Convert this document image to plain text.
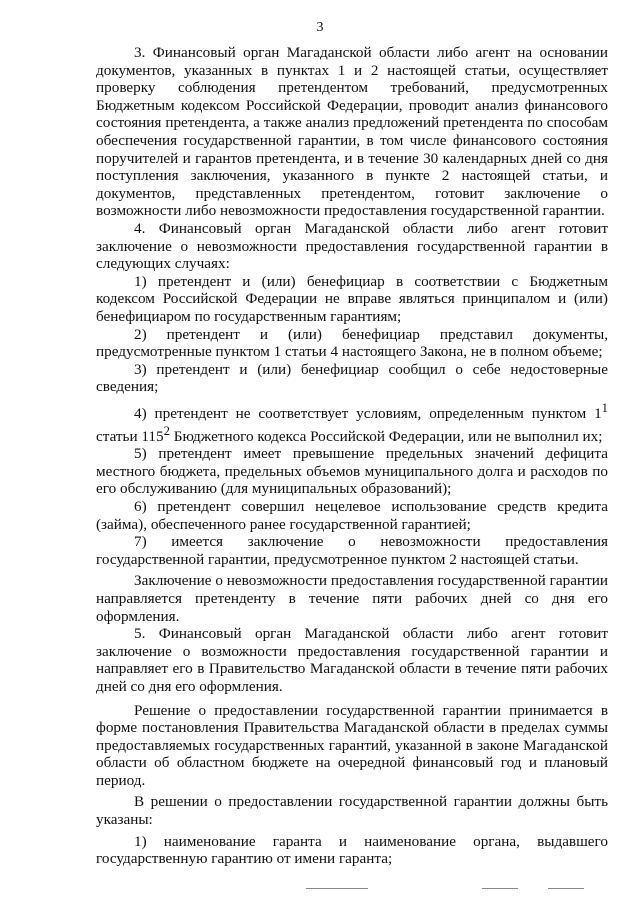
3

3. Финансовый орган Магаданской области либо агент на основании документов, указанных в пунктах 1 и 2 настоящей статьи, осуществляет проверку соблюдения претендентом требований, предусмотренных Бюджетным кодексом Российской Федерации, проводит анализ финансового состояния претендента, а также анализ предложений претендента по способам обеспечения государственной гарантии, в том числе финансового состояния поручителей и гарантов претендента, и в течение 30 календарных дней со дня поступления заключения, указанного в пункте 2 настоящей статьи, и документов, представленных претендентом, готовит заключение о возможности либо невозможности предоставления государственной гарантии.

4. Финансовый орган Магаданской области либо агент готовит заключение о невозможности предоставления государственной гарантии в следующих случаях:

1) претендент и (или) бенефициар в соответствии с Бюджетным кодексом Российской Федерации не вправе являться принципалом и (или) бенефициаром по государственным гарантиям;

2) претендент и (или) бенефициар представил документы, предусмотренные пунктом 1 статьи 4 настоящего Закона, не в полном объеме;

3) претендент и (или) бенефициар сообщил о себе недостоверные сведения;

4) претендент не соответствует условиям, определенным пунктом $1^1$ статьи $115^2$ Бюджетного кодекса Российской Федерации, или не выполнил их;

5) претендент имеет превышение предельных значений дефицита местного бюджета, предельных объемов муниципального долга и расходов по его обслуживанию (для муниципальных образований);

6) претендент совершил нецелевое использование средств кредита (займа), обеспеченного ранее государственной гарантией;

7) имеется заключение о невозможности предоставления государственной гарантии, предусмотренное пунктом 2 настоящей статьи.

Заключение о невозможности предоставления государственной гарантии направляется претенденту в течение пяти рабочих дней со дня его оформления.

5. Финансовый орган Магаданской области либо агент готовит заключение о возможности предоставления государственной гарантии и направляет его в Правительство Магаданской области в течение пяти рабочих дней со дня его оформления.

Решение о предоставлении государственной гарантии принимается в форме постановления Правительства Магаданской области в пределах суммы предоставляемых государственных гарантий, указанной в законе Магаданской области об областном бюджете на очередной финансовый год и плановый период.

В решении о предоставлении государственной гарантии должны быть указаны:

1) наименование гаранта и наименование органа, выдавшего государственную гарантию от имени гаранта;
